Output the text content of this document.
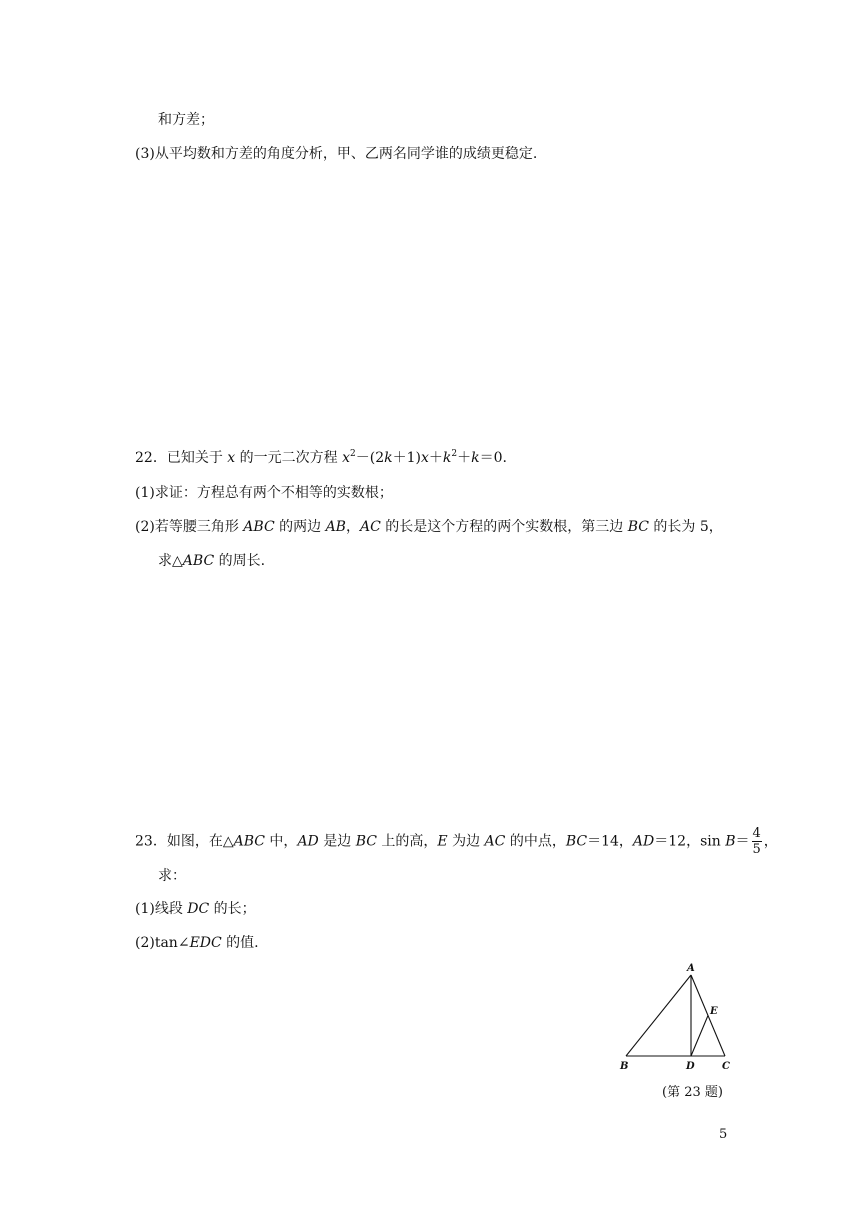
和方差；
(3)从平均数和方差的角度分析，甲、乙两名同学谁的成绩更稳定.
22．已知关于 x 的一元二次方程 $x^2-(2k+1)x+k^2+k=0$.
(1)求证：方程总有两个不相等的实数根；
(2)若等腰三角形 ABC 的两边 AB，AC 的长是这个方程的两个实数根，第三边 BC 的长为 5，
求△ABC 的周长.
23．如图，在△ABC 中，AD 是边 BC 上的高，E 为边 AC 的中点，BC＝14，AD＝12，$\sin B= \frac{4}{5}$ ，
求：
(1)线段 DC 的长；
(2)tan∠EDC 的值.
A
E
B	D	C
(第 23 题)
5
